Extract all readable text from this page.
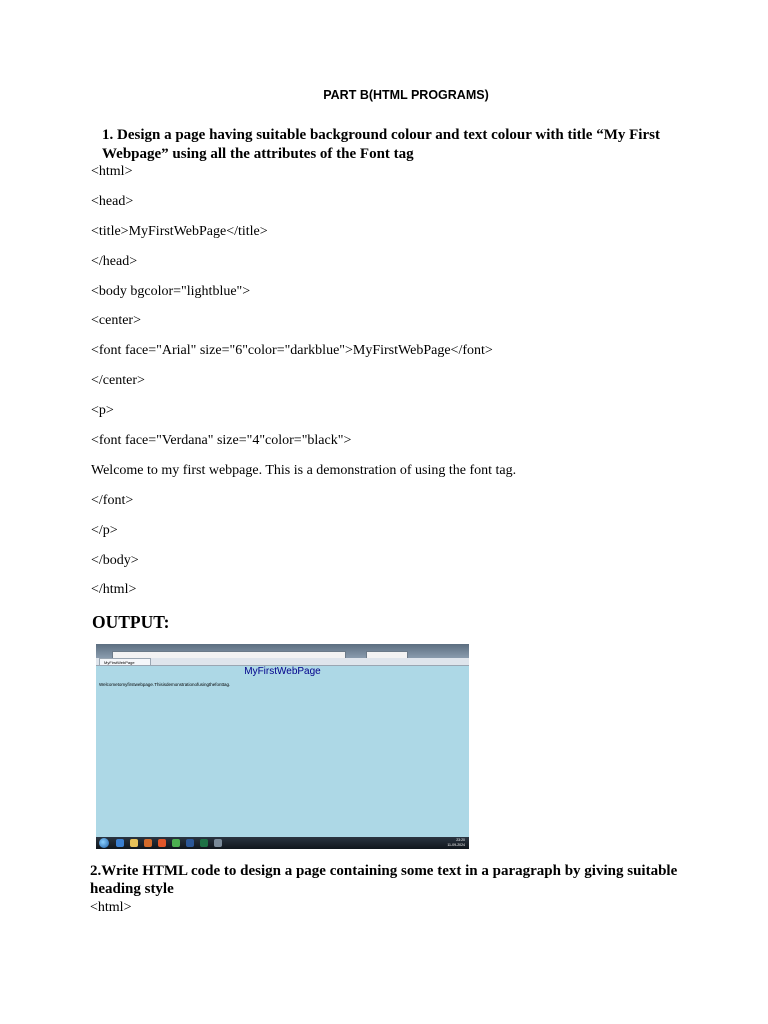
PART B(HTML PROGRAMS)
1. Design a page having suitable background colour and text colour with title “My First Webpage” using all the attributes of the Font tag
<html>
<head>
<title>MyFirstWebPage</title>
</head>
<body bgcolor="lightblue">
<center>
<font face="Arial" size="6"color="darkblue">MyFirstWebPage</font>
</center>
<p>
<font face="Verdana" size="4"color="black">
Welcome to my first webpage. This is a demonstration of using the font tag.
</font>
</p>
</body>
</html>
OUTPUT:
MyFirstWebPage
MyFirstWebPage
Welcometomyfirstwebpage.Thisisdemonstrationofusingthefonttag.
23:20
11-09-2024
2.Write HTML code to design a page containing some text in a paragraph by giving suitable heading style
<html>
